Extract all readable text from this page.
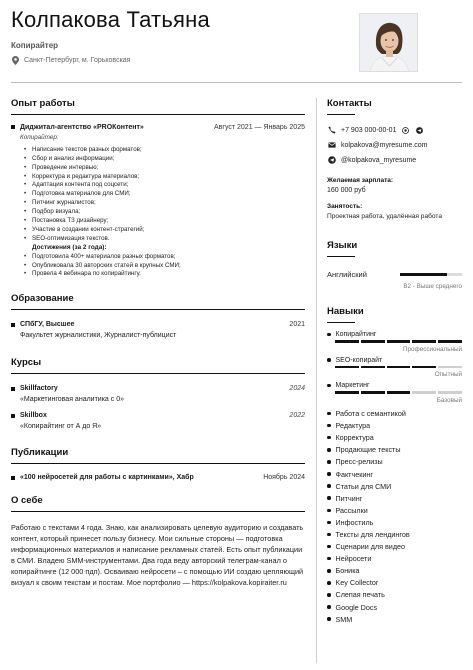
Колпакова Татьяна
Копирайтер
Санкт-Петербург, м. Горьковская
Опыт работы
Диджитал-агентство «PROКонтент»	Август 2021 — Январь 2025
Копирайтер:
• Написание текстов разных форматов;
• Сбор и анализ информации;
• Проведение интервью;
• Корректура и редактура материалов;
• Адаптация контента под соцсети;
• Подготовка материалов для СМИ;
• Питчинг журналистов;
• Подбор визуала;
• Постановка ТЗ дизайнеру;
• Участие в создании контент-стратегий;
• SEO-оптимизация текстов.
Достижения (за 2 года):
• Подготовила 400+ материалов разных форматов;
• Опубликовала 30 авторских статей в крупных СМИ;
• Провела 4 вебинара по копирайтингу.
Образование
СПбГУ, Высшее	2021
Факультет журналистики, Журналист-публицист
Курсы
Skillfactory	2024
«Маркетинговая аналитика с 0»
Skillbox	2022
«Копирайтинг от А до Я»
Публикации
«100 нейросетей для работы с картинками», Хабр	Ноябрь 2024
О себе
Работаю с текстами 4 года. Знаю, как анализировать целевую аудиторию и создавать контент, который принесет пользу бизнесу. Мои сильные стороны — подготовка информационных материалов и написание рекламных статей. Есть опыт публикации в СМИ. Владею SMM-инструментами. Два года веду авторский телеграм-канал о копирайтинге (12 000 пдп). Осваиваю нейросети – с помощью ИИ создаю цепляющий визуал к своим текстам и постам. Мое портфолио — https://kolpakova.kopiraiter.ru
Контакты
+7 903 000-00-01
kolpakova@myresume.com
@kolpakova_myresume
Желаемая зарплата:
160 000 руб
Занятость:
Проектная работа, удалённая работа
Языки
Английский
B2 - Выше среднего
Навыки
Копирайтинг
Профессиональный
SEO-копирайт
Опытный
Маркетинг
Базовый
Работа с семантикой
Редактура
Корректура
Продающие тексты
Пресс-релизы
Фактчекинг
Статьи для СМИ
Питчинг
Рассылки
Инфостиль
Тексты для лендингов
Сценарии для видео
Нейросети
Боника
Key Collector
Слепая печать
Google Docs
SMM
